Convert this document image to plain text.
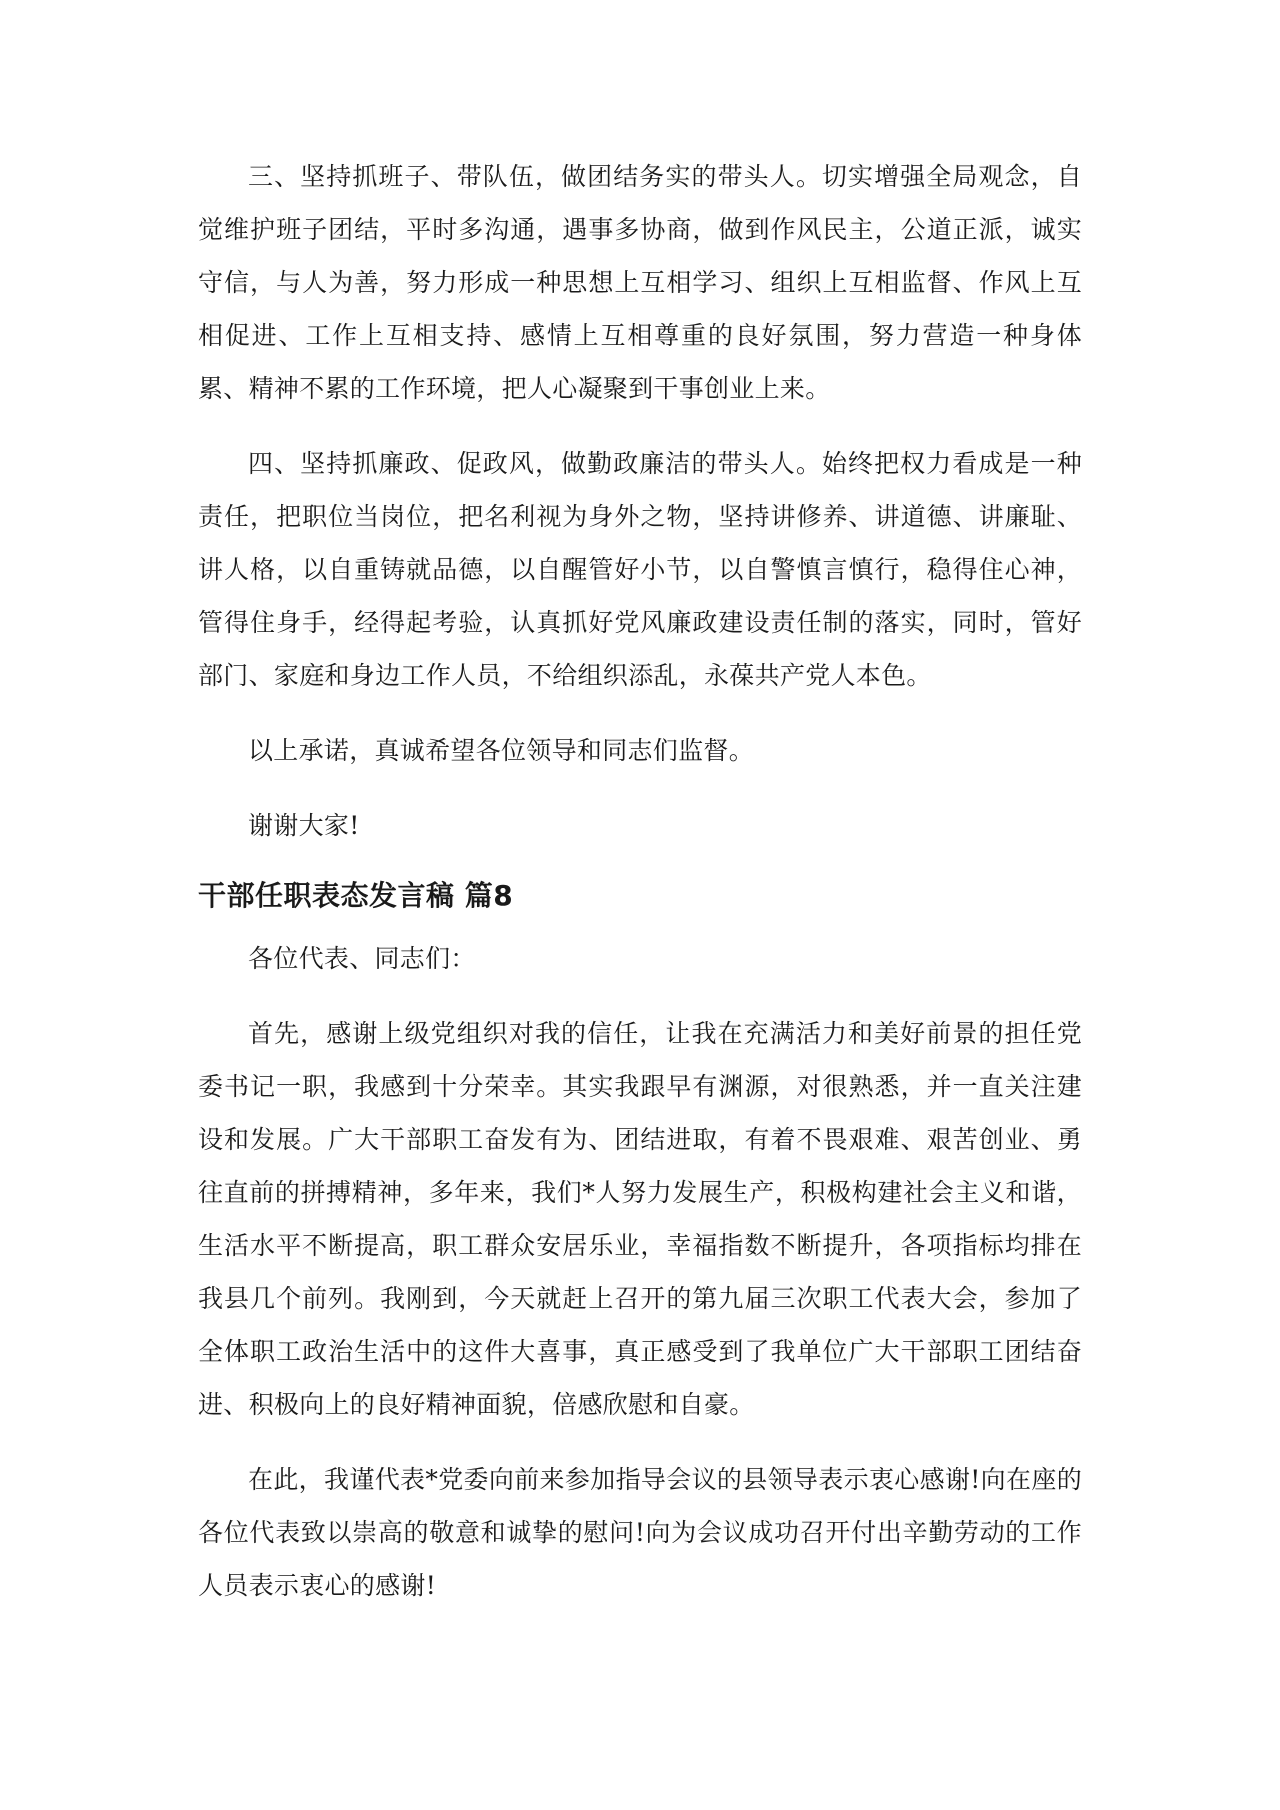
三、坚持抓班子、带队伍，做团结务实的带头人。切实增强全局观念，自觉维护班子团结，平时多沟通，遇事多协商，做到作风民主，公道正派，诚实守信，与人为善，努力形成一种思想上互相学习、组织上互相监督、作风上互相促进、工作上互相支持、感情上互相尊重的良好氛围，努力营造一种身体累、精神不累的工作环境，把人心凝聚到干事创业上来。

四、坚持抓廉政、促政风，做勤政廉洁的带头人。始终把权力看成是一种责任，把职位当岗位，把名利视为身外之物，坚持讲修养、讲道德、讲廉耻、讲人格，以自重铸就品德，以自醒管好小节，以自警慎言慎行，稳得住心神，管得住身手，经得起考验，认真抓好党风廉政建设责任制的落实，同时，管好部门、家庭和身边工作人员，不给组织添乱，永葆共产党人本色。

以上承诺，真诚希望各位领导和同志们监督。

谢谢大家!

干部任职表态发言稿 篇8

各位代表、同志们：

首先，感谢上级党组织对我的信任，让我在充满活力和美好前景的担任党委书记一职，我感到十分荣幸。其实我跟早有渊源，对很熟悉，并一直关注建设和发展。广大干部职工奋发有为、团结进取，有着不畏艰难、艰苦创业、勇往直前的拼搏精神，多年来，我们*人努力发展生产，积极构建社会主义和谐，生活水平不断提高，职工群众安居乐业，幸福指数不断提升，各项指标均排在我县几个前列。我刚到，今天就赶上召开的第九届三次职工代表大会，参加了全体职工政治生活中的这件大喜事，真正感受到了我单位广大干部职工团结奋进、积极向上的良好精神面貌，倍感欣慰和自豪。

在此，我谨代表*党委向前来参加指导会议的县领导表示衷心感谢!向在座的各位代表致以崇高的敬意和诚挚的慰问!向为会议成功召开付出辛勤劳动的工作人员表示衷心的感谢!
